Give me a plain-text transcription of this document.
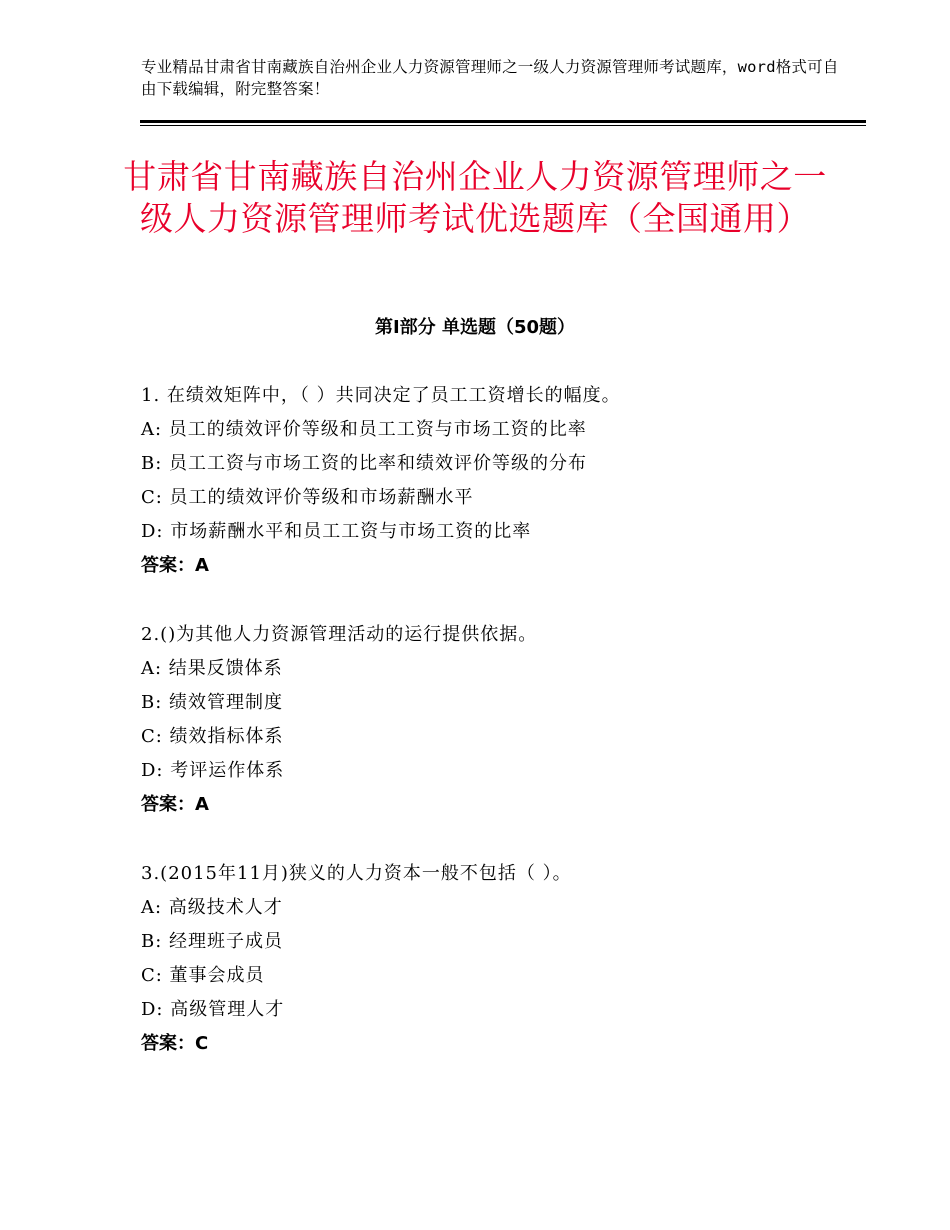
专业精品甘肃省甘南藏族自治州企业人力资源管理师之一级人力资源管理师考试题库，word格式可自由下载编辑，附完整答案！
甘肃省甘南藏族自治州企业人力资源管理师之一级人力资源管理师考试优选题库（全国通用）
第Ⅰ部分 单选题（50题）
1. 在绩效矩阵中，（ ）共同决定了员工工资增长的幅度。
A: 员工的绩效评价等级和员工工资与市场工资的比率
B: 员工工资与市场工资的比率和绩效评价等级的分布
C: 员工的绩效评价等级和市场薪酬水平
D: 市场薪酬水平和员工工资与市场工资的比率
答案：A
2.()为其他人力资源管理活动的运行提供依据。
A: 结果反馈体系
B: 绩效管理制度
C: 绩效指标体系
D: 考评运作体系
答案：A
3.(2015年11月)狭义的人力资本一般不包括（ ）。
A: 高级技术人才
B: 经理班子成员
C: 董事会成员
D: 高级管理人才
答案：C
